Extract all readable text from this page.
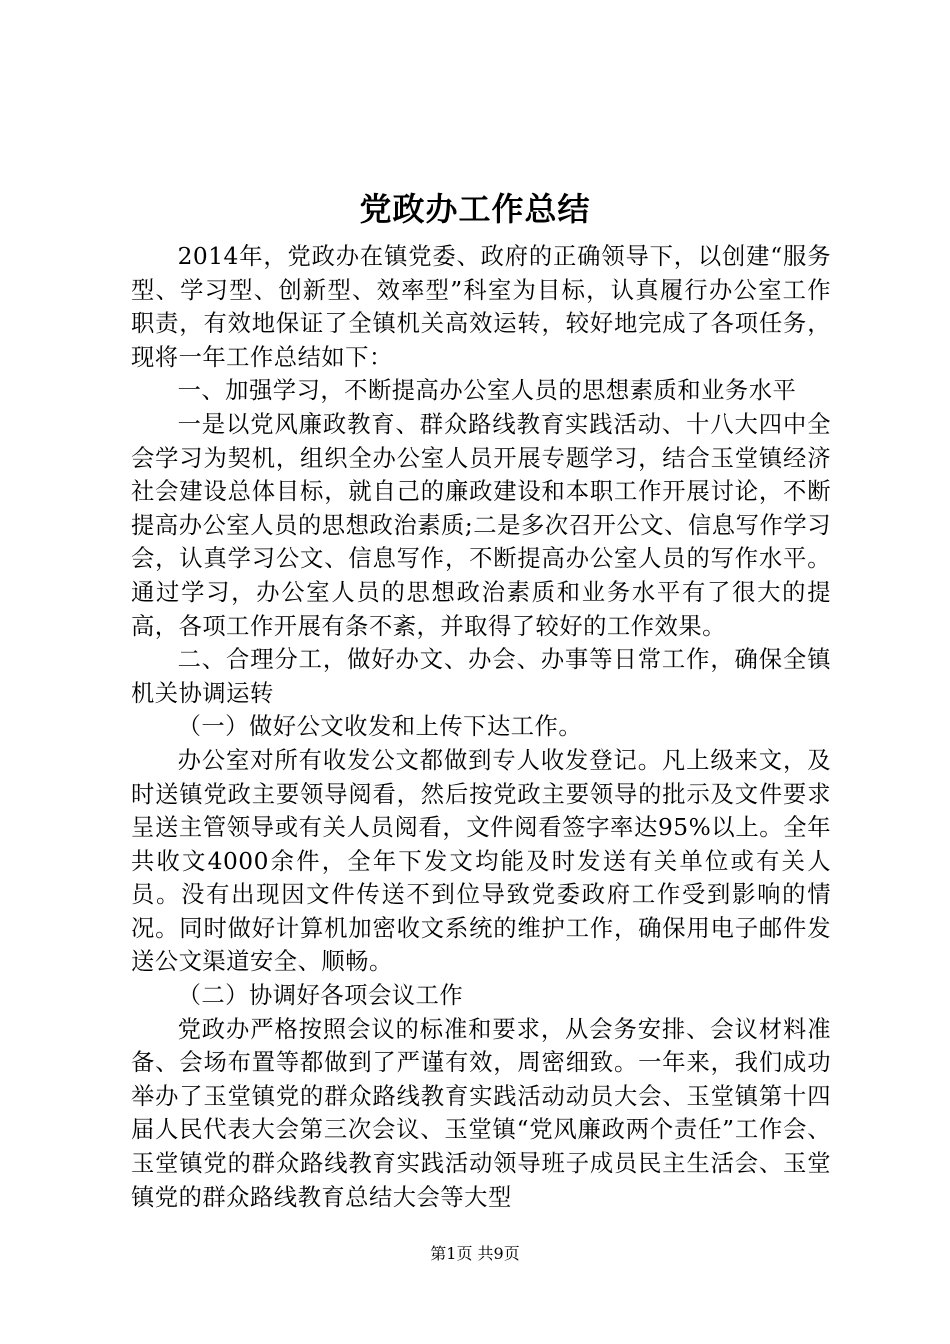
党政办工作总结

2014年，党政办在镇党委、政府的正确领导下，以创建“服务型、学习型、创新型、效率型”科室为目标，认真履行办公室工作职责，有效地保证了全镇机关高效运转，较好地完成了各项任务，现将一年工作总结如下：

一、加强学习，不断提高办公室人员的思想素质和业务水平

一是以党风廉政教育、群众路线教育实践活动、十八大四中全会学习为契机，组织全办公室人员开展专题学习，结合玉堂镇经济社会建设总体目标，就自己的廉政建设和本职工作开展讨论，不断提高办公室人员的思想政治素质;二是多次召开公文、信息写作学习会，认真学习公文、信息写作，不断提高办公室人员的写作水平。通过学习，办公室人员的思想政治素质和业务水平有了很大的提高，各项工作开展有条不紊，并取得了较好的工作效果。

二、合理分工，做好办文、办会、办事等日常工作，确保全镇机关协调运转

（一）做好公文收发和上传下达工作。

办公室对所有收发公文都做到专人收发登记。凡上级来文，及时送镇党政主要领导阅看，然后按党政主要领导的批示及文件要求呈送主管领导或有关人员阅看，文件阅看签字率达95%以上。全年共收文4000余件，全年下发文均能及时发送有关单位或有关人员。没有出现因文件传送不到位导致党委政府工作受到影响的情况。同时做好计算机加密收文系统的维护工作，确保用电子邮件发送公文渠道安全、顺畅。

（二）协调好各项会议工作

党政办严格按照会议的标准和要求，从会务安排、会议材料准备、会场布置等都做到了严谨有效，周密细致。一年来，我们成功举办了玉堂镇党的群众路线教育实践活动动员大会、玉堂镇第十四届人民代表大会第三次会议、玉堂镇“党风廉政两个责任”工作会、玉堂镇党的群众路线教育实践活动领导班子成员民主生活会、玉堂镇党的群众路线教育总结大会等大型

第1页 共9页
